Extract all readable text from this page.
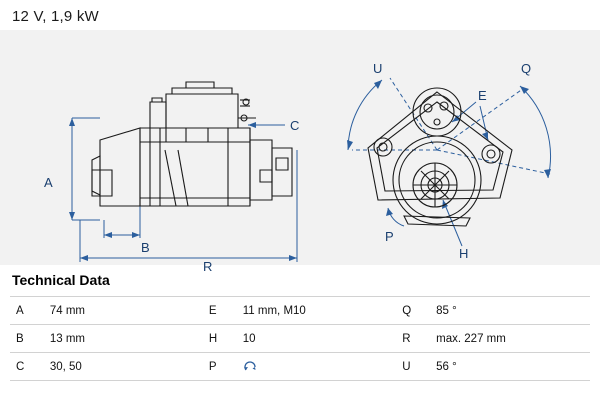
12 V, 1,9 kW
A
B
C
R
U
E
Q
P
H
Technical Data
A	74 mm	E	11 mm, M10	Q	85 °
B	13 mm	H	10	R	max. 227 mm
C	30, 50	P		U	56 °
